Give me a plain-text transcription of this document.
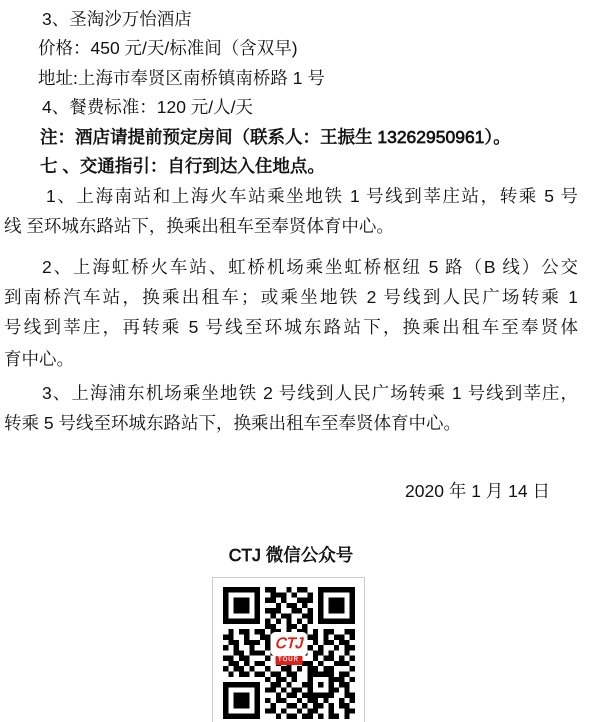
3、圣淘沙万怡酒店
价格：450 元/天/标准间（含双早)
地址:上海市奉贤区南桥镇南桥路 1 号
4、餐费标准：120 元/人/天
注：酒店请提前预定房间（联系人：王振生 13262950961）。
七 、交通指引：自行到达入住地点。
1、上海南站和上海火车站乘坐地铁 1 号线到莘庄站，转乘 5 号
线 至环城东路站下，换乘出租车至奉贤体育中心。
2、上海虹桥火车站、虹桥机场乘坐虹桥枢纽 5 路（B 线）公交
到南桥汽车站，换乘出租车；或乘坐地铁 2 号线到人民广场转乘 1
号线到莘庄，再转乘 5 号线至环城东路站下，换乘出租车至奉贤体
育中心。
3、上海浦东机场乘坐地铁 2 号线到人民广场转乘 1 号线到莘庄，
转乘 5 号线至环城东路站下，换乘出租车至奉贤体育中心。
2020 年 1 月 14 日
CTJ 微信公众号
CTJ
TOUR
